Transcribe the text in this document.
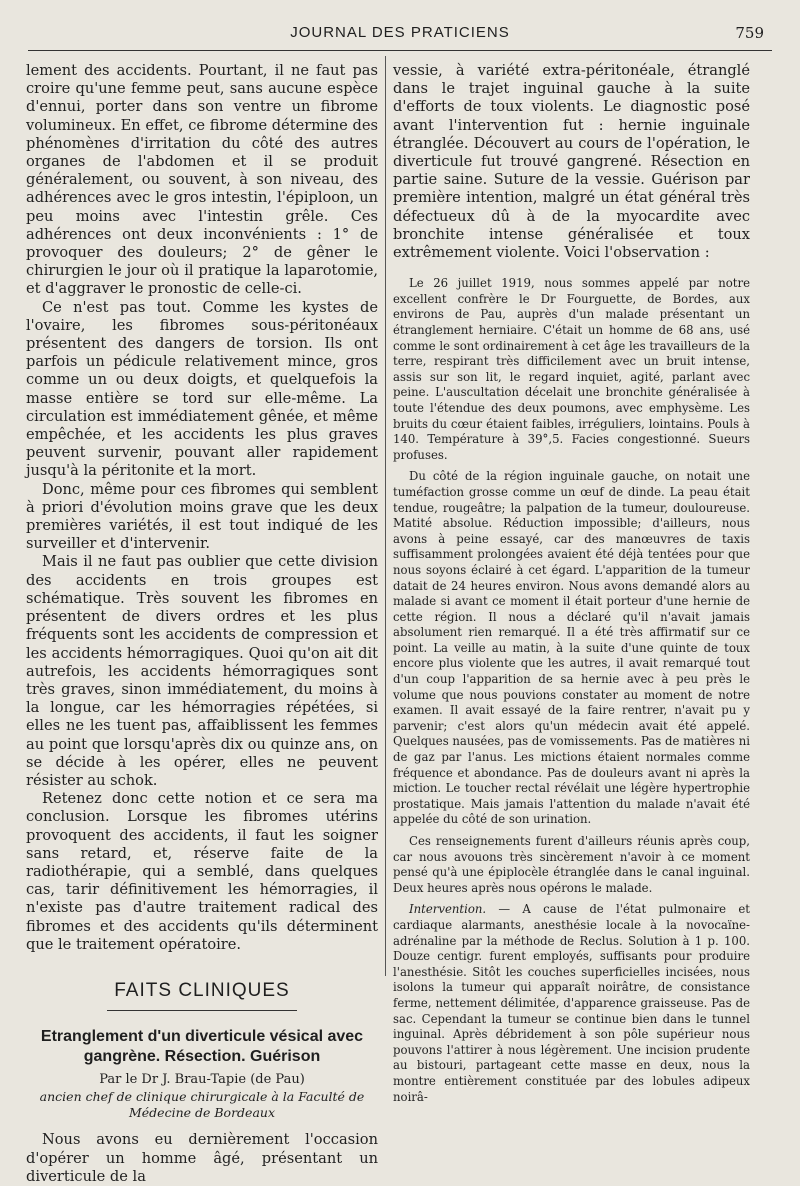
JOURNAL DES PRATICIENS	759

lement des accidents. Pourtant, il ne faut pas croire qu'une femme peut, sans aucune espèce d'ennui, porter dans son ventre un fibrome volumineux. En effet, ce fibrome détermine des phénomènes d'irritation du côté des autres organes de l'abdomen et il se produit généralement, ou souvent, à son niveau, des adhérences avec le gros intestin, l'épiploon, un peu moins avec l'intestin grêle. Ces adhérences ont deux inconvénients : 1° de provoquer des douleurs; 2° de gêner le chirurgien le jour où il pratique la laparotomie, et d'aggraver le pronostic de celle-ci.

Ce n'est pas tout. Comme les kystes de l'ovaire, les fibromes sous-péritonéaux présentent des dangers de torsion. Ils ont parfois un pédicule relativement mince, gros comme un ou deux doigts, et quelquefois la masse entière se tord sur elle-même. La circulation est immédiatement gênée, et même empêchée, et les accidents les plus graves peuvent survenir, pouvant aller rapidement jusqu'à la péritonite et la mort.

Donc, même pour ces fibromes qui semblent à priori d'évolution moins grave que les deux premières variétés, il est tout indiqué de les surveiller et d'intervenir.

Mais il ne faut pas oublier que cette division des accidents en trois groupes est schématique. Très souvent les fibromes en présentent de divers ordres et les plus fréquents sont les accidents de compression et les accidents hémorragiques. Quoi qu'on ait dit autrefois, les accidents hémorragiques sont très graves, sinon immédiatement, du moins à la longue, car les hémorragies répétées, si elles ne les tuent pas, affaiblissent les femmes au point que lorsqu'après dix ou quinze ans, on se décide à les opérer, elles ne peuvent résister au schok.

Retenez donc cette notion et ce sera ma conclusion. Lorsque les fibromes utérins provoquent des accidents, il faut les soigner sans retard, et, réserve faite de la radiothérapie, qui a semblé, dans quelques cas, tarir définitivement les hémorragies, il n'existe pas d'autre traitement radical des fibromes et des accidents qu'ils déterminent que le traitement opératoire.

FAITS CLINIQUES
Etranglement d'un diverticule vésical avec gangrène. Résection. Guérison
Par le Dr J. Brau-Tapie (de Pau)
ancien chef de clinique chirurgicale à la Faculté de Médecine de Bordeaux

Nous avons eu dernièrement l'occasion d'opérer un homme âgé, présentant un diverticule de la

vessie, à variété extra-péritonéale, étranglé dans le trajet inguinal gauche à la suite d'efforts de toux violents. Le diagnostic posé avant l'intervention fut : hernie inguinale étranglée. Découvert au cours de l'opération, le diverticule fut trouvé gangrené. Résection en partie saine. Suture de la vessie. Guérison par première intention, malgré un état général très défectueux dû à de la myocardite avec bronchite intense généralisée et toux extrêmement violente. Voici l'observation :

Le 26 juillet 1919, nous sommes appelé par notre excellent confrère le Dr Fourguette, de Bordes, aux environs de Pau, auprès d'un malade présentant un étranglement herniaire. C'était un homme de 68 ans, usé comme le sont ordinairement à cet âge les travailleurs de la terre, respirant très difficilement avec un bruit intense, assis sur son lit, le regard inquiet, agité, parlant avec peine. L'auscultation décelait une bronchite généralisée à toute l'étendue des deux poumons, avec emphysème. Les bruits du cœur étaient faibles, irréguliers, lointains. Pouls à 140. Température à 39°,5. Facies congestionné. Sueurs profuses.

Du côté de la région inguinale gauche, on notait une tuméfaction grosse comme un œuf de dinde. La peau était tendue, rougeâtre; la palpation de la tumeur, douloureuse. Matité absolue. Réduction impossible; d'ailleurs, nous avons à peine essayé, car des manœuvres de taxis suffisamment prolongées avaient été déjà tentées pour que nous soyons éclairé à cet égard. L'apparition de la tumeur datait de 24 heures environ. Nous avons demandé alors au malade si avant ce moment il était porteur d'une hernie de cette région. Il nous a déclaré qu'il n'avait jamais absolument rien remarqué. Il a été très affirmatif sur ce point. La veille au matin, à la suite d'une quinte de toux encore plus violente que les autres, il avait remarqué tout d'un coup l'apparition de sa hernie avec à peu près le volume que nous pouvions constater au moment de notre examen. Il avait essayé de la faire rentrer, n'avait pu y parvenir; c'est alors qu'un médecin avait été appelé. Quelques nausées, pas de vomissements. Pas de matières ni de gaz par l'anus. Les mictions étaient normales comme fréquence et abondance. Pas de douleurs avant ni après la miction. Le toucher rectal révélait une légère hypertrophie prostatique. Mais jamais l'attention du malade n'avait été appelée du côté de son urination.

Ces renseignements furent d'ailleurs réunis après coup, car nous avouons très sincèrement n'avoir à ce moment pensé qu'à une épiplocèle étranglée dans le canal inguinal. Deux heures après nous opérons le malade.

Intervention. — A cause de l'état pulmonaire et cardiaque alarmants, anesthésie locale à la novocaïne-adrénaline par la méthode de Reclus. Solution à 1 p. 100. Douze centigr. furent employés, suffisants pour produire l'anesthésie. Sitôt les couches superficielles incisées, nous isolons la tumeur qui apparaît noirâtre, de consistance ferme, nettement délimitée, d'apparence graisseuse. Pas de sac. Cependant la tumeur se continue bien dans le tunnel inguinal. Après débridement à son pôle supérieur nous pouvons l'attirer à nous légèrement. Une incision prudente au bistouri, partageant cette masse en deux, nous la montre entièrement constituée par des lobules adipeux noirâ-
